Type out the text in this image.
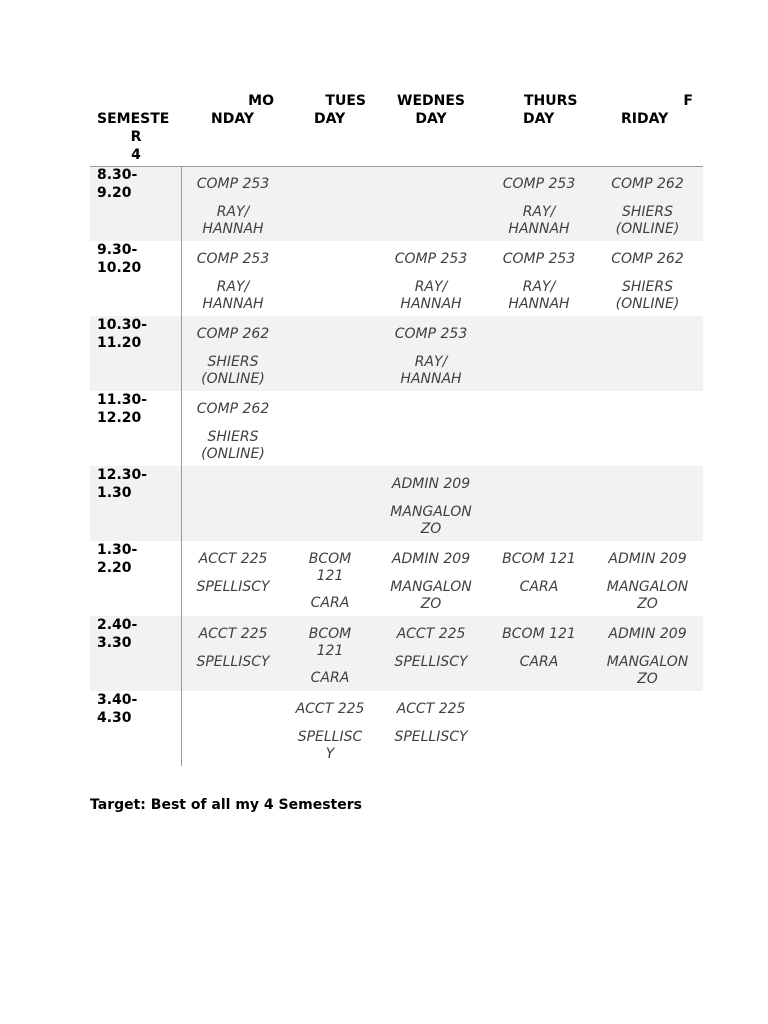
SEMESTE
R
4
MO
NDAY
TUES
DAY
WEDNES
DAY
THURS
DAY
F
RIDAY
8.30-
9.20
COMP 253
RAY/
HANNAH
COMP 253
RAY/
HANNAH
COMP 262
SHIERS
(ONLINE)
9.30-
10.20
COMP 253
RAY/
HANNAH
COMP 253
RAY/
HANNAH
COMP 253
RAY/
HANNAH
COMP 262
SHIERS
(ONLINE)
10.30-
11.20
COMP 262
SHIERS
(ONLINE)
COMP 253
RAY/
HANNAH
11.30-
12.20
COMP 262
SHIERS
(ONLINE)
12.30-
1.30
ADMIN 209
MANGALON
ZO
1.30-
2.20
ACCT 225
SPELLISCY
BCOM
121
CARA
ADMIN 209
MANGALON
ZO
BCOM 121
CARA
ADMIN 209
MANGALON
ZO
2.40-
3.30
ACCT 225
SPELLISCY
BCOM
121
CARA
ACCT 225
SPELLISCY
BCOM 121
CARA
ADMIN 209
MANGALON
ZO
3.40-
4.30
ACCT 225
SPELLISC
Y
ACCT 225
SPELLISCY
Target: Best of all my 4 Semesters
